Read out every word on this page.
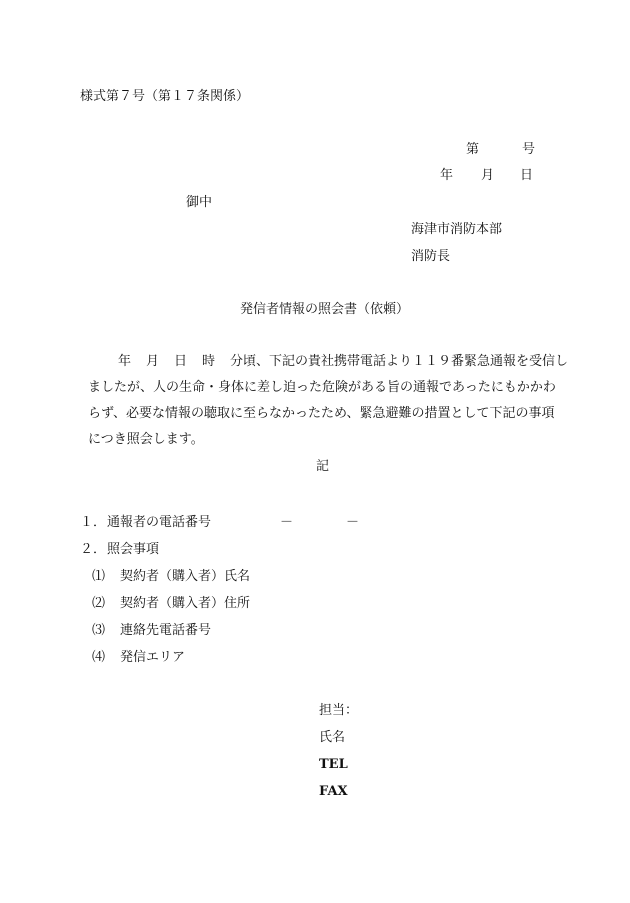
様式第７号（第１７条関係）
第	号
年 月 日
御中
海津市消防本部
消防長
発信者情報の照会書（依頼）
年 月 日 時 分頃、下記の貴社携帯電話より１１９番緊急通報を受信し
ましたが、人の生命・身体に差し迫った危険がある旨の通報であったにもかかわ
らず、必要な情報の聴取に至らなかったため、緊急避難の措置として下記の事項
につき照会します。
記
１． 通報者の電話番号	－	－
２． 照会事項
⑴ 契約者（購入者）氏名
⑵ 契約者（購入者）住所
⑶ 連絡先電話番号
⑷ 発信エリア
担当：
氏名
TEL
FAX
